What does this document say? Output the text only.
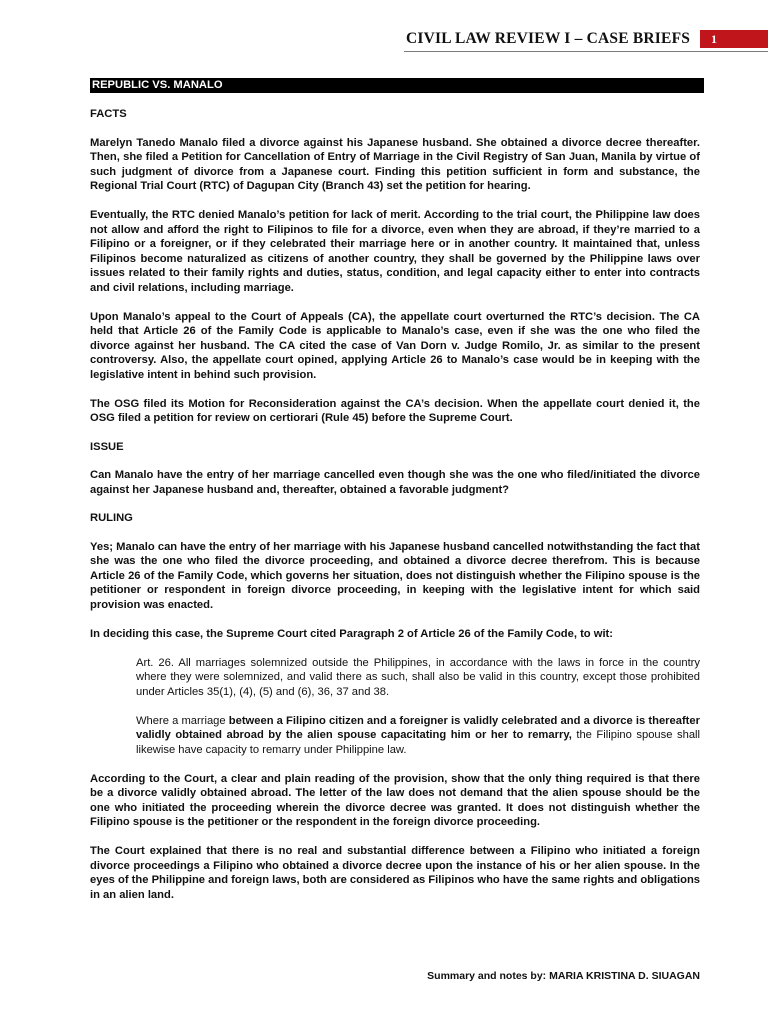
CIVIL LAW REVIEW I – CASE BRIEFS	1
REPUBLIC VS. MANALO
FACTS

Marelyn Tanedo Manalo filed a divorce against his Japanese husband. She obtained a divorce decree thereafter. Then, she filed a Petition for Cancellation of Entry of Marriage in the Civil Registry of San Juan, Manila by virtue of such judgment of divorce from a Japanese court. Finding this petition sufficient in form and substance, the Regional Trial Court (RTC) of Dagupan City (Branch 43) set the petition for hearing.

Eventually, the RTC denied Manalo’s petition for lack of merit. According to the trial court, the Philippine law does not allow and afford the right to Filipinos to file for a divorce, even when they are abroad, if they’re married to a Filipino or a foreigner, or if they celebrated their marriage here or in another country. It maintained that, unless Filipinos become naturalized as citizens of another country, they shall be governed by the Philippine laws over issues related to their family rights and duties, status, condition, and legal capacity either to enter into contracts and civil relations, including marriage.

Upon Manalo’s appeal to the Court of Appeals (CA), the appellate court overturned the RTC’s decision. The CA held that Article 26 of the Family Code is applicable to Manalo’s case, even if she was the one who filed the divorce against her husband. The CA cited the case of Van Dorn v. Judge Romilo, Jr. as similar to the present controversy. Also, the appellate court opined, applying Article 26 to Manalo’s case would be in keeping with the legislative intent in behind such provision.

The OSG filed its Motion for Reconsideration against the CA’s decision. When the appellate court denied it, the OSG filed a petition for review on certiorari (Rule 45) before the Supreme Court.

ISSUE

Can Manalo have the entry of her marriage cancelled even though she was the one who filed/initiated the divorce against her Japanese husband and, thereafter, obtained a favorable judgment?

RULING

Yes; Manalo can have the entry of her marriage with his Japanese husband cancelled notwithstanding the fact that she was the one who filed the divorce proceeding, and obtained a divorce decree therefrom. This is because Article 26 of the Family Code, which governs her situation, does not distinguish whether the Filipino spouse is the petitioner or respondent in foreign divorce proceeding, in keeping with the legislative intent for which said provision was enacted.

In deciding this case, the Supreme Court cited Paragraph 2 of Article 26 of the Family Code, to wit:

Art. 26. All marriages solemnized outside the Philippines, in accordance with the laws in force in the country where they were solemnized, and valid there as such, shall also be valid in this country, except those prohibited under Articles 35(1), (4), (5) and (6), 36, 37 and 38.

Where a marriage between a Filipino citizen and a foreigner is validly celebrated and a divorce is thereafter validly obtained abroad by the alien spouse capacitating him or her to remarry, the Filipino spouse shall likewise have capacity to remarry under Philippine law.

According to the Court, a clear and plain reading of the provision, show that the only thing required is that there be a divorce validly obtained abroad. The letter of the law does not demand that the alien spouse should be the one who initiated the proceeding wherein the divorce decree was granted. It does not distinguish whether the Filipino spouse is the petitioner or the respondent in the foreign divorce proceeding.

The Court explained that there is no real and substantial difference between a Filipino who initiated a foreign divorce proceedings a Filipino who obtained a divorce decree upon the instance of his or her alien spouse. In the eyes of the Philippine and foreign laws, both are considered as Filipinos who have the same rights and obligations in an alien land.

Summary and notes by: MARIA KRISTINA D. SIUAGAN
